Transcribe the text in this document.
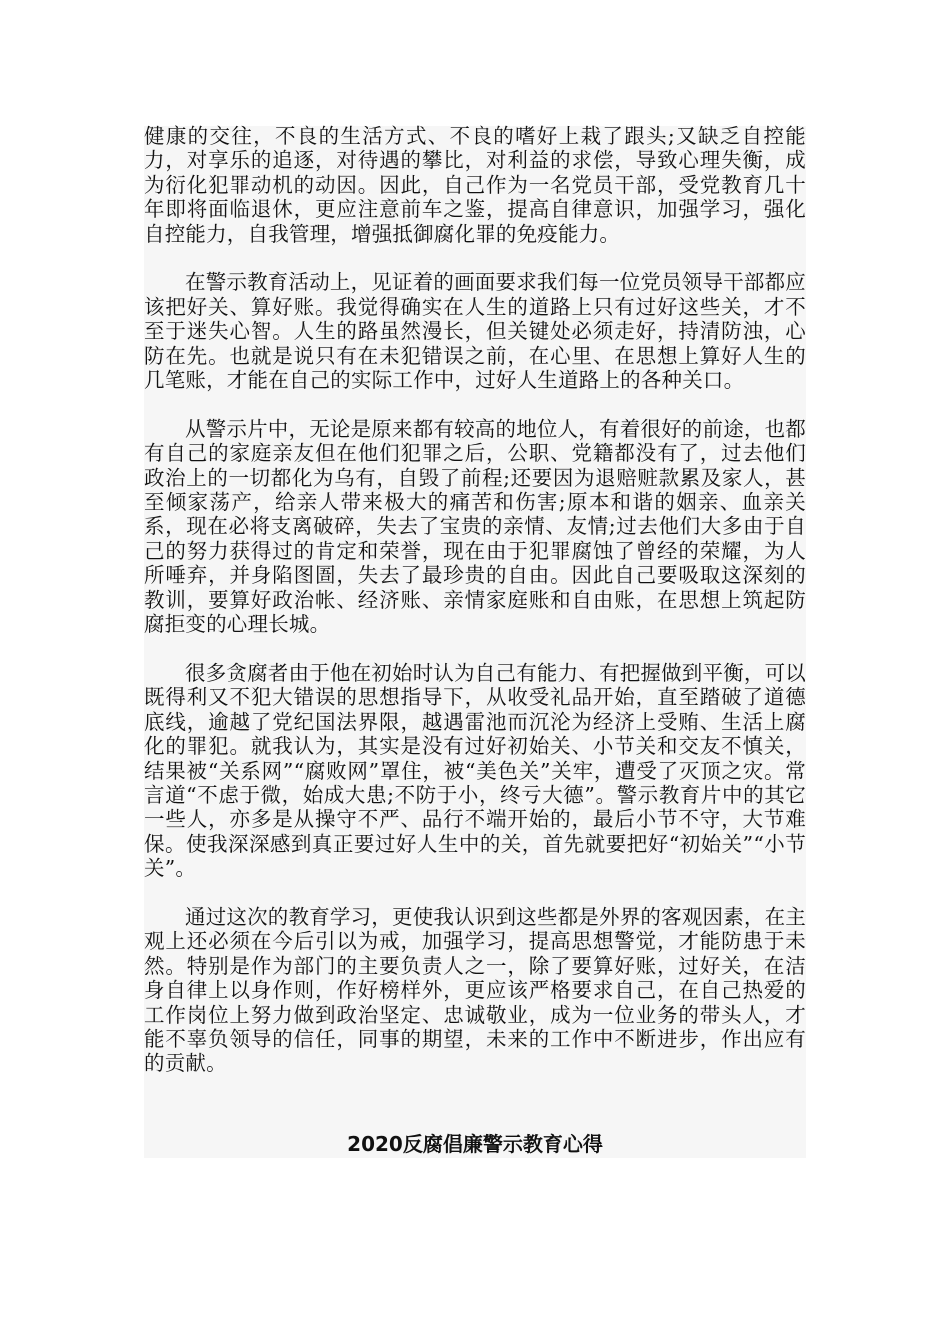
健康的交往，不良的生活方式、不良的嗜好上栽了跟头;又缺乏自控能力，对享乐的追逐，对待遇的攀比，对利益的求偿，导致心理失衡，成为衍化犯罪动机的动因。因此，自己作为一名党员干部，受党教育几十年即将面临退休，更应注意前车之鉴，提高自律意识，加强学习，强化自控能力，自我管理，增强抵御腐化罪的免疫能力。

在警示教育活动上，见证着的画面要求我们每一位党员领导干部都应该把好关、算好账。我觉得确实在人生的道路上只有过好这些关，才不至于迷失心智。人生的路虽然漫长，但关键处必须走好，持清防浊，心防在先。也就是说只有在未犯错误之前，在心里、在思想上算好人生的几笔账，才能在自己的实际工作中，过好人生道路上的各种关口。

从警示片中，无论是原来都有较高的地位人，有着很好的前途，也都有自己的家庭亲友但在他们犯罪之后，公职、党籍都没有了，过去他们政治上的一切都化为乌有，自毁了前程;还要因为退赔赃款累及家人，甚至倾家荡产，给亲人带来极大的痛苦和伤害;原本和谐的姻亲、血亲关系，现在必将支离破碎，失去了宝贵的亲情、友情;过去他们大多由于自己的努力获得过的肯定和荣誉，现在由于犯罪腐蚀了曾经的荣耀，为人所唾弃，并身陷图圄，失去了最珍贵的自由。因此自己要吸取这深刻的教训，要算好政治帐、经济账、亲情家庭账和自由账，在思想上筑起防腐拒变的心理长城。

很多贪腐者由于他在初始时认为自己有能力、有把握做到平衡，可以既得利又不犯大错误的思想指导下，从收受礼品开始，直至踏破了道德底线，逾越了党纪国法界限，越遇雷池而沉沦为经济上受贿、生活上腐化的罪犯。就我认为，其实是没有过好初始关、小节关和交友不慎关，结果被“关系网”“腐败网”罩住，被“美色关”关牢，遭受了灭顶之灾。常言道“不虑于微，始成大患;不防于小，终亏大德”。警示教育片中的其它一些人，亦多是从操守不严、品行不端开始的，最后小节不守，大节难保。使我深深感到真正要过好人生中的关，首先就要把好“初始关”“小节关”。

通过这次的教育学习，更使我认识到这些都是外界的客观因素，在主观上还必须在今后引以为戒，加强学习，提高思想警觉，才能防患于未然。特别是作为部门的主要负责人之一，除了要算好账，过好关，在洁身自律上以身作则，作好榜样外，更应该严格要求自己，在自己热爱的工作岗位上努力做到政治坚定、忠诚敬业，成为一位业务的带头人，才能不辜负领导的信任，同事的期望，未来的工作中不断进步，作出应有的贡献。

2020反腐倡廉警示教育心得
